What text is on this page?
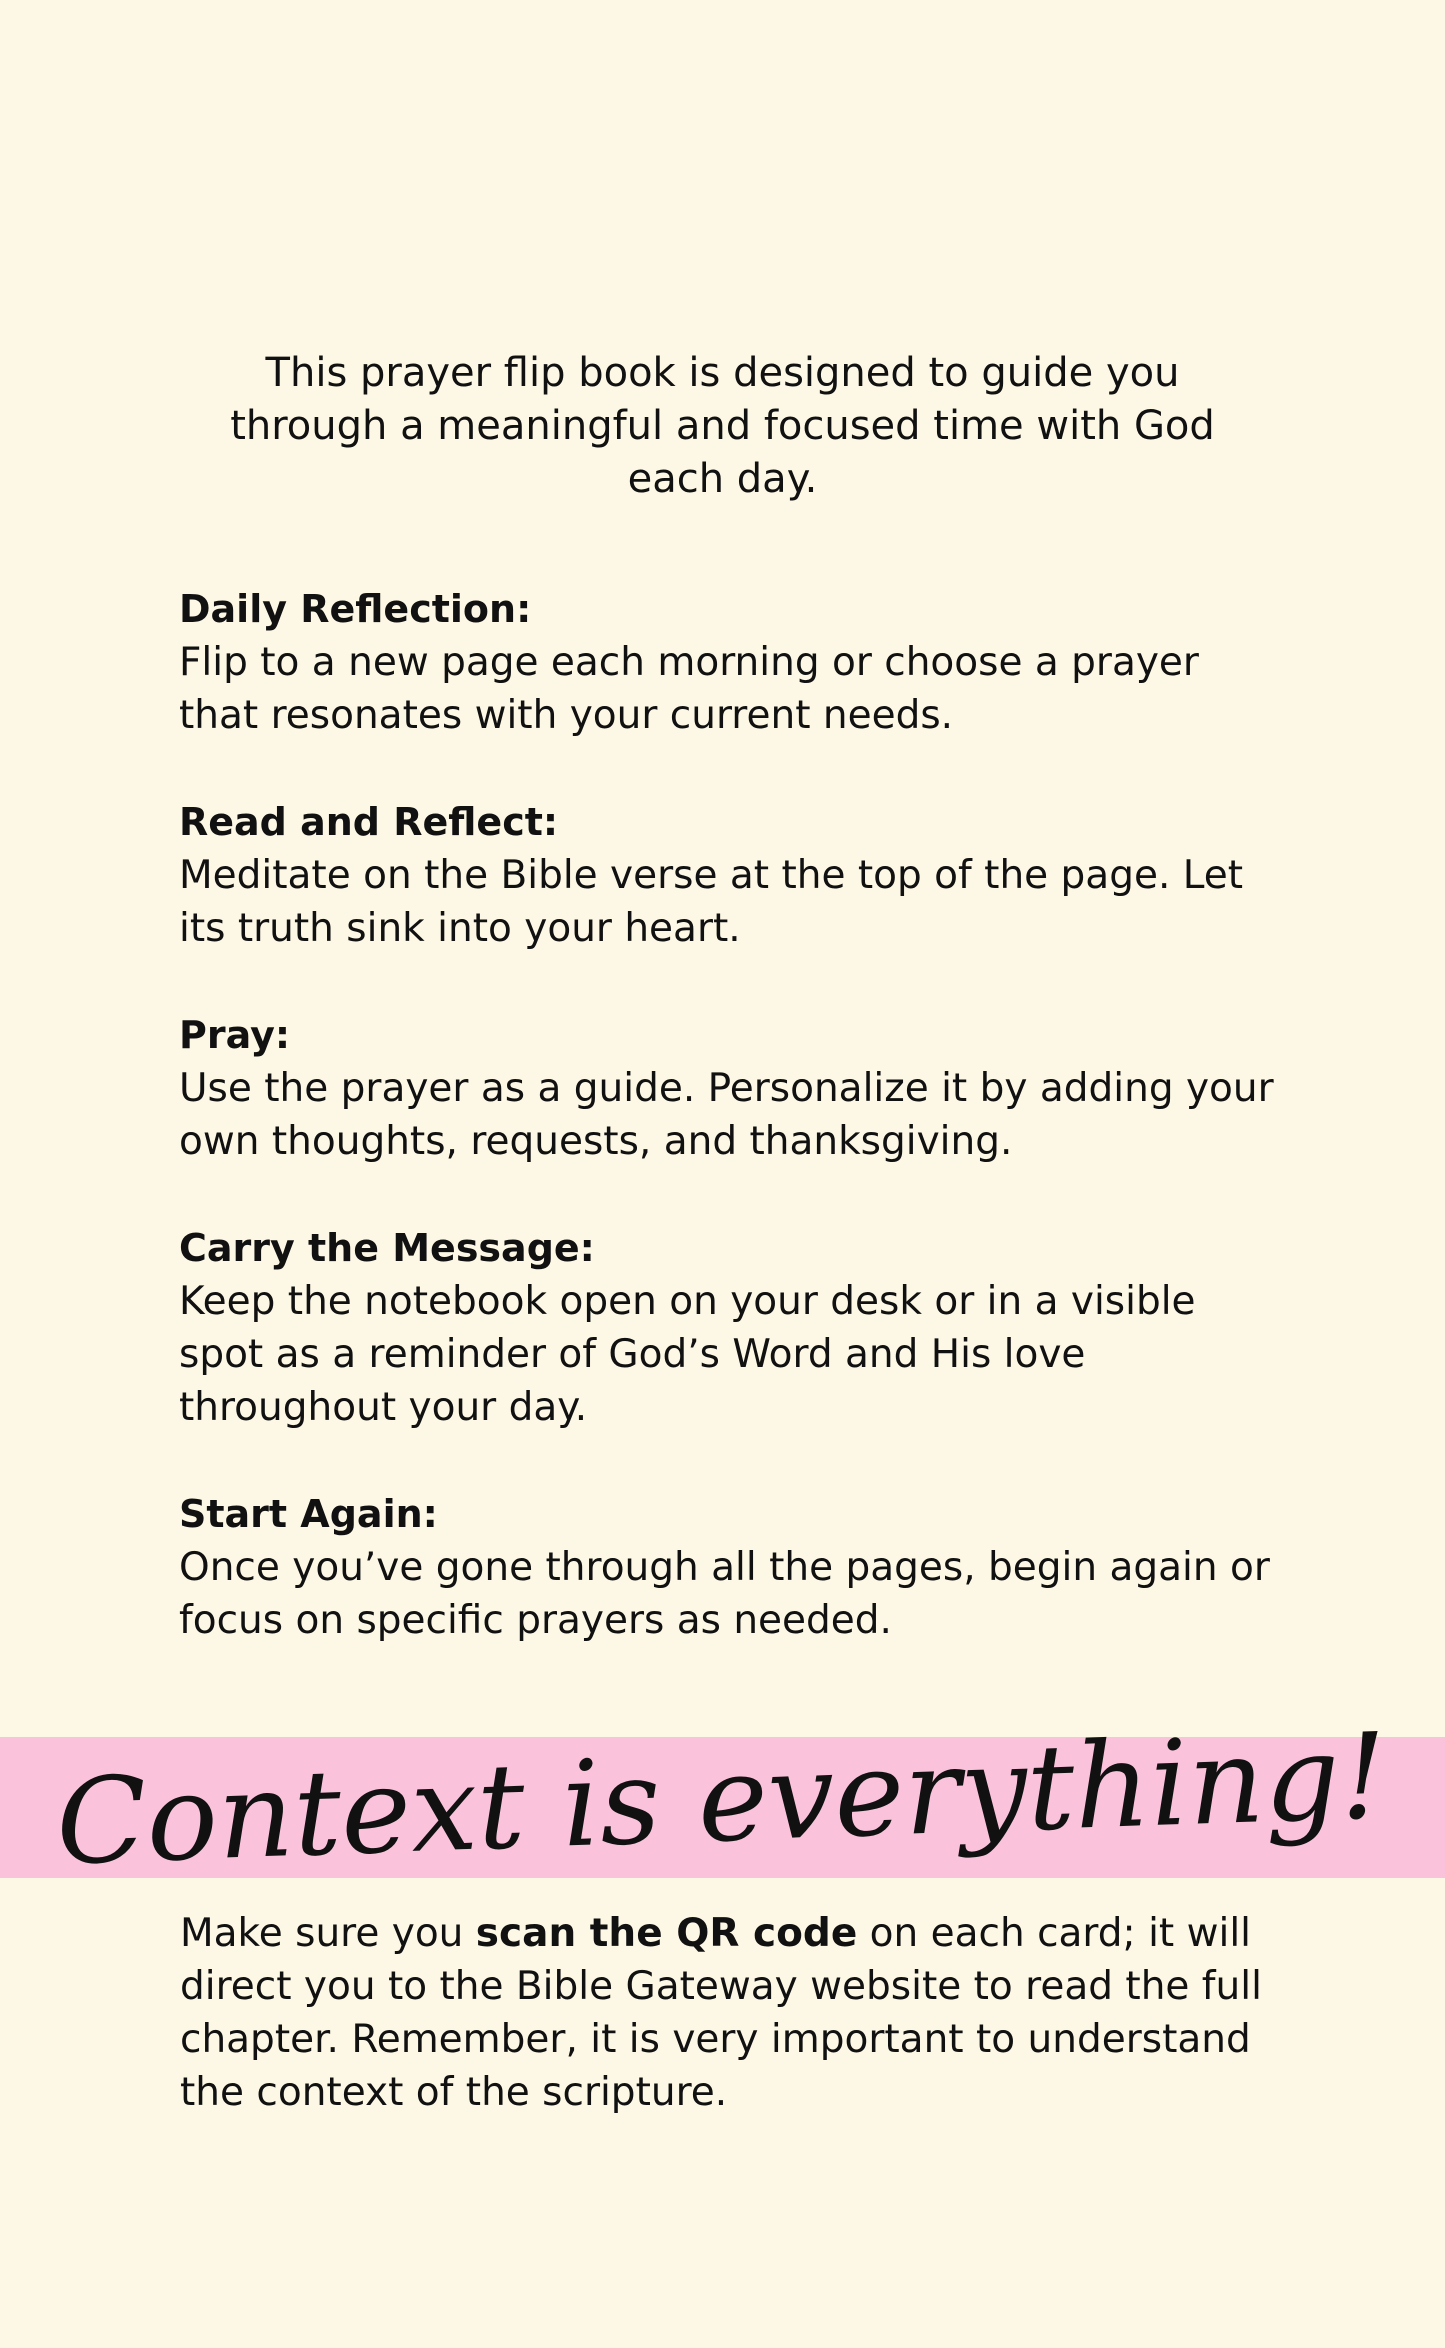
This prayer flip book is designed to guide you through a meaningful and focused time with God each day.

Daily Reflection:

Flip to a new page each morning or choose a prayer that resonates with your current needs.

Read and Reflect:

Meditate on the Bible verse at the top of the page. Let its truth sink into your heart.

Pray:

Use the prayer as a guide. Personalize it by adding your own thoughts, requests, and thanksgiving.

Carry the Message:

Keep the notebook open on your desk or in a visible spot as a reminder of God’s Word and His love throughout your day.

Start Again:

Once you’ve gone through all the pages, begin again or focus on specific prayers as needed.

Context is everything!

Make sure you scan the QR code on each card; it will direct you to the Bible Gateway website to read the full chapter. Remember, it is very important to understand the context of the scripture.
